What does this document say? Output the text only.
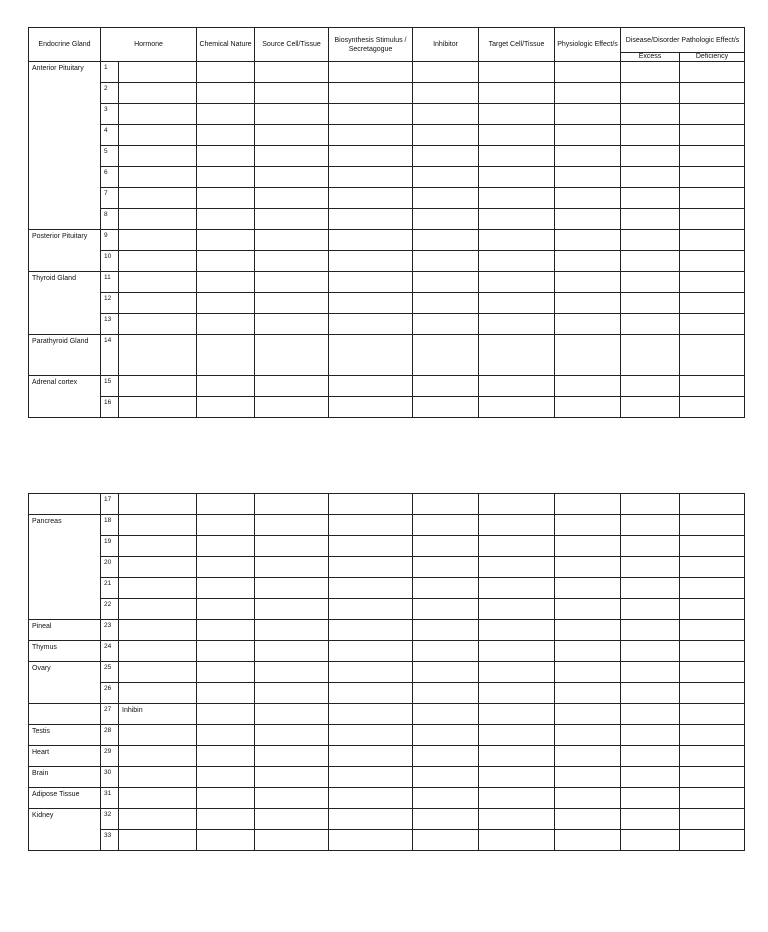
Endocrine Gland	Hormone		Chemical Nature	Source Cell/Tissue	Biosynthesis Stimulus / Secretagogue	Inhibitor	Target Cell/Tissue	Physiologic Effect/s	Disease/Disorder Pathologic Effect/s	
									Excess	Deficiency
Anterior Pituitary	1									
	2									
	3									
	4									
	5									
	6									
	7									
	8									
Posterior Pituitary	9									
	10									
Thyroid Gland	11									
	12									
	13									
Parathyroid Gland	14									
Adrenal cortex	15									
	16									
	17									
Pancreas	18									
	19									
	20									
	21									
	22									
Pineal	23									
Thymus	24									
Ovary	25									
	26									
	27	Inhibin								
Testis	28									
Heart	29									
Brain	30									
Adipose Tissue	31									
Kidney	32									
	33									
